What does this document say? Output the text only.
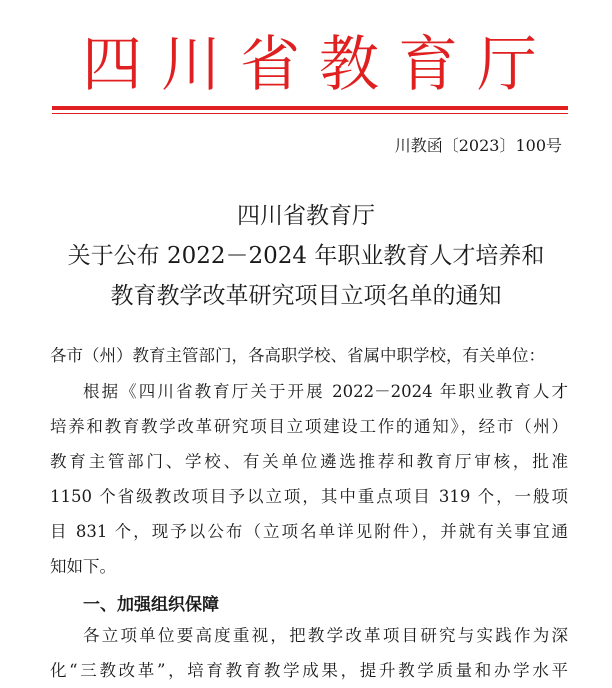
四 川 省 教 育 厅
川教函〔2023〕100号
四川省教育厅
关于公布 2022－2024 年职业教育人才培养和
教育教学改革研究项目立项名单的通知
各市（州）教育主管部门，各高职学校、省属中职学校，有关单位：
根据《四川省教育厅关于开展 2022－2024 年职业教育人才
培养和教育教学改革研究项目立项建设工作的通知》，经市（州）
教育主管部门、学校、有关单位遴选推荐和教育厅审核，批准
1150 个省级教改项目予以立项，其中重点项目 319 个，一般项
目 831 个，现予以公布（立项名单详见附件），并就有关事宜通
知如下。
一、加强组织保障
各立项单位要高度重视，把教学改革项目研究与实践作为深
化“三教改革”，培育教育教学成果，提升教学质量和办学水平
